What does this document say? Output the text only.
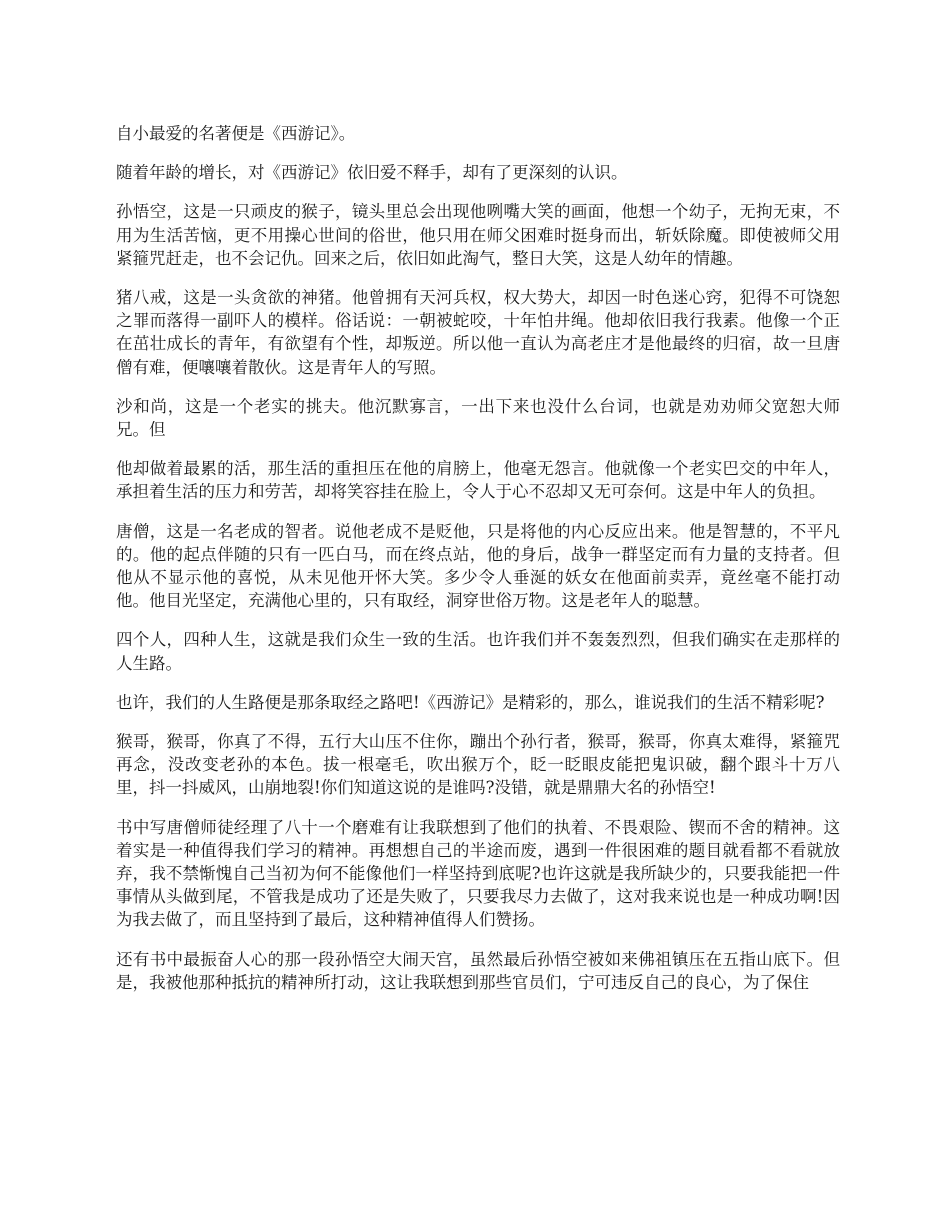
自小最爱的名著便是《西游记》。

随着年龄的增长，对《西游记》依旧爱不释手，却有了更深刻的认识。

孙悟空，这是一只顽皮的猴子，镜头里总会出现他咧嘴大笑的画面，他想一个幼子，无拘无束，不用为生活苦恼，更不用操心世间的俗世，他只用在师父困难时挺身而出，斩妖除魔。即使被师父用紧箍咒赶走，也不会记仇。回来之后，依旧如此淘气，整日大笑，这是人幼年的情趣。

猪八戒，这是一头贪欲的神猪。他曾拥有天河兵权，权大势大，却因一时色迷心窍，犯得不可饶恕之罪而落得一副吓人的模样。俗话说：一朝被蛇咬，十年怕井绳。他却依旧我行我素。他像一个正在茁壮成长的青年，有欲望有个性，却叛逆。所以他一直认为高老庄才是他最终的归宿，故一旦唐僧有难，便嚷嚷着散伙。这是青年人的写照。

沙和尚，这是一个老实的挑夫。他沉默寡言，一出下来也没什么台词，也就是劝劝师父宽恕大师兄。但

他却做着最累的活，那生活的重担压在他的肩膀上，他毫无怨言。他就像一个老实巴交的中年人，承担着生活的压力和劳苦，却将笑容挂在脸上，令人于心不忍却又无可奈何。这是中年人的负担。

唐僧，这是一名老成的智者。说他老成不是贬他，只是将他的内心反应出来。他是智慧的，不平凡的。他的起点伴随的只有一匹白马，而在终点站，他的身后，战争一群坚定而有力量的支持者。但他从不显示他的喜悦，从未见他开怀大笑。多少令人垂涎的妖女在他面前卖弄，竟丝毫不能打动他。他目光坚定，充满他心里的，只有取经，洞穿世俗万物。这是老年人的聪慧。

四个人，四种人生，这就是我们众生一致的生活。也许我们并不轰轰烈烈，但我们确实在走那样的人生路。

也许，我们的人生路便是那条取经之路吧!《西游记》是精彩的，那么，谁说我们的生活不精彩呢?

猴哥，猴哥，你真了不得，五行大山压不住你，蹦出个孙行者，猴哥，猴哥，你真太难得，紧箍咒再念，没改变老孙的本色。拔一根毫毛，吹出猴万个，眨一眨眼皮能把鬼识破，翻个跟斗十万八里，抖一抖威风，山崩地裂!你们知道这说的是谁吗?没错，就是鼎鼎大名的孙悟空!

书中写唐僧师徒经理了八十一个磨难有让我联想到了他们的执着、不畏艰险、锲而不舍的精神。这着实是一种值得我们学习的精神。再想想自己的半途而废，遇到一件很困难的题目就看都不看就放弃，我不禁惭愧自己当初为何不能像他们一样坚持到底呢?也许这就是我所缺少的，只要我能把一件事情从头做到尾，不管我是成功了还是失败了，只要我尽力去做了，这对我来说也是一种成功啊!因为我去做了，而且坚持到了最后，这种精神值得人们赞扬。

还有书中最振奋人心的那一段孙悟空大闹天宫，虽然最后孙悟空被如来佛祖镇压在五指山底下。但是，我被他那种抵抗的精神所打动，这让我联想到那些官员们，宁可违反自己的良心，为了保住
